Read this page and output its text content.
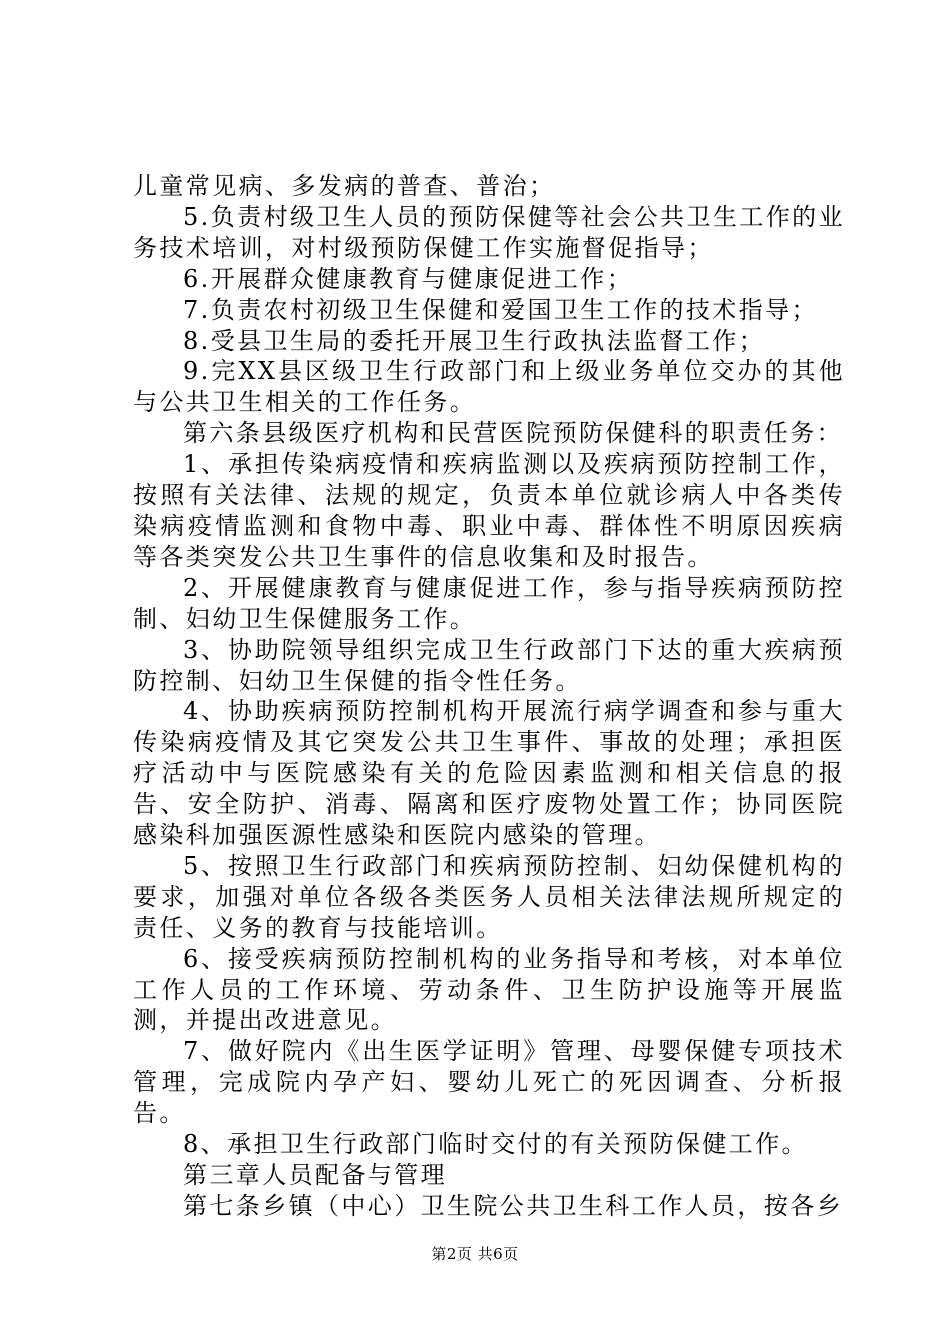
儿童常见病、多发病的普查、普治；

5.负责村级卫生人员的预防保健等社会公共卫生工作的业务技术培训，对村级预防保健工作实施督促指导；

6.开展群众健康教育与健康促进工作；

7.负责农村初级卫生保健和爱国卫生工作的技术指导；

8.受县卫生局的委托开展卫生行政执法监督工作；

9.完XX县区级卫生行政部门和上级业务单位交办的其他与公共卫生相关的工作任务。

第六条县级医疗机构和民营医院预防保健科的职责任务：

1、承担传染病疫情和疾病监测以及疾病预防控制工作，按照有关法律、法规的规定，负责本单位就诊病人中各类传染病疫情监测和食物中毒、职业中毒、群体性不明原因疾病等各类突发公共卫生事件的信息收集和及时报告。

2、开展健康教育与健康促进工作，参与指导疾病预防控制、妇幼卫生保健服务工作。

3、协助院领导组织完成卫生行政部门下达的重大疾病预防控制、妇幼卫生保健的指令性任务。

4、协助疾病预防控制机构开展流行病学调查和参与重大传染病疫情及其它突发公共卫生事件、事故的处理；承担医疗活动中与医院感染有关的危险因素监测和相关信息的报告、安全防护、消毒、隔离和医疗废物处置工作；协同医院感染科加强医源性感染和医院内感染的管理。

5、按照卫生行政部门和疾病预防控制、妇幼保健机构的要求，加强对单位各级各类医务人员相关法律法规所规定的责任、义务的教育与技能培训。

6、接受疾病预防控制机构的业务指导和考核，对本单位工作人员的工作环境、劳动条件、卫生防护设施等开展监测，并提出改进意见。

7、做好院内《出生医学证明》管理、母婴保健专项技术管理，完成院内孕产妇、婴幼儿死亡的死因调查、分析报告。

8、承担卫生行政部门临时交付的有关预防保健工作。

第三章人员配备与管理

第七条乡镇（中心）卫生院公共卫生科工作人员，按各乡

第2页 共6页
